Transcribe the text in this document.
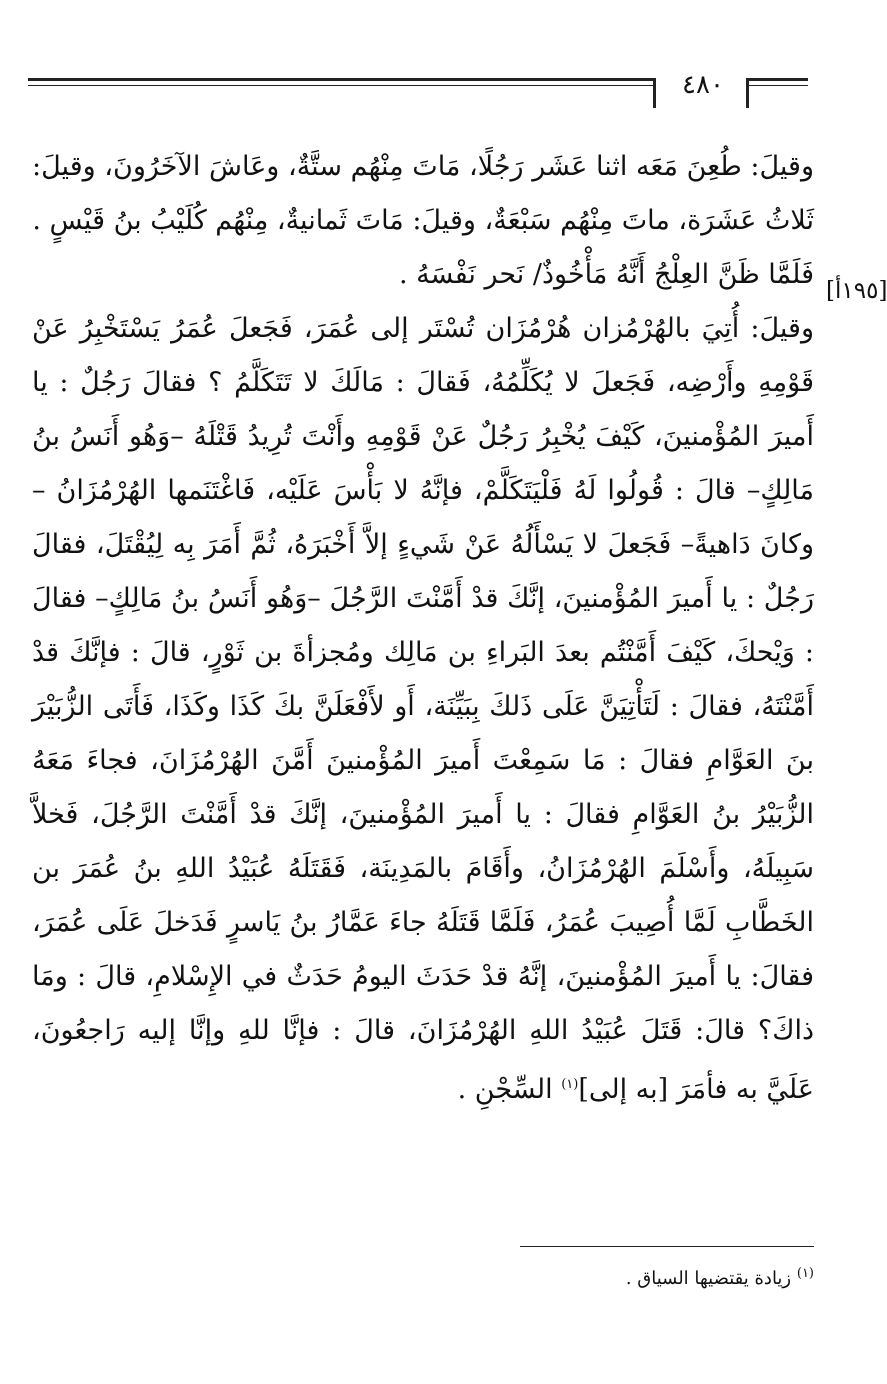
٤٨٠
[١٩٥أ]

وقيلَ: طُعِنَ مَعَه اثنا عَشَر رَجُلًا، مَاتَ مِنْهُم ستَّةٌ، وعَاشَ الآخَرُونَ، وقيلَ: ثَلاثُ عَشَرَة، ماتَ مِنْهُم سَبْعَةٌ، وقيلَ: مَاتَ ثَمانيةٌ، مِنْهُم كُلَيْبُ بنُ قَيْسٍ .

فَلَمَّا ظَنَّ العِلْجُ أَنَّهُ مَأْخُوذٌ/ نَحر نَفْسَهُ .

وقيلَ: أُتِيَ بالهُرْمُزان هُرْمُزَان تُسْتَر إلى عُمَرَ، فَجَعلَ عُمَرُ يَسْتَخْبِرُ عَنْ قَوْمِهِ وأَرْضِه، فَجَعلَ لا يُكَلِّمُهُ، فَقالَ : مَالَكَ لا تَتَكَلَّمُ ؟ فقالَ رَجُلٌ : يا أَميرَ المُؤْمنينَ، كَيْفَ يُخْبِرُ رَجُلٌ عَنْ قَوْمِهِ وأَنْتَ تُرِيدُ قَتْلَهُ –وَهُو أَنَسُ بنُ مَالِكٍ– قالَ : قُولُوا لَهُ فَلْيَتَكَلَّمْ، فإنَّهُ لا بَأْسَ عَلَيْه، فَاغْتَنَمها الهُرْمُزَانُ –وكانَ دَاهيةً– فَجَعلَ لا يَسْأَلُهُ عَنْ شَيءٍ إلاَّ أَخْبَرَهُ، ثُمَّ أَمَرَ بِه لِيُقْتَلَ، فقالَ رَجُلٌ : يا أَميرَ المُؤْمنينَ، إنَّكَ قدْ أَمَّنْتَ الرَّجُلَ –وَهُو أَنَسُ بنُ مَالِكٍ– فقالَ : وَيْحكَ، كَيْفَ أَمَّنْتُم بعدَ البَراءِ بن مَالِك ومُجزأةَ بن ثَوْرٍ، قالَ : فإنَّكَ قدْ أَمَّنْتَهُ، فقالَ : لَتَأْتِيَنَّ عَلَى ذَلكَ بِبَيِّنَة، أَو لأَفْعَلَنَّ بكَ كَذَا وكَذَا، فَأَتَى الزُّبَيْرَ بنَ العَوَّامِ فقالَ : مَا سَمِعْتَ أَميرَ المُؤْمنينَ أَمَّنَ الهُرْمُزَانَ، فجاءَ مَعَهُ الزُّبَيْرُ بنُ العَوَّامِ فقالَ : يا أَميرَ المُؤْمنينَ، إنَّكَ قدْ أَمَّنْتَ الرَّجُلَ، فَخلاَّ سَبِيلَهُ، وأَسْلَمَ الهُرْمُزَانُ، وأَقَامَ بالمَدِينَة، فَقَتَلَهُ عُبَيْدُ اللهِ بنُ عُمَرَ بن الخَطَّابِ لَمَّا أُصِيبَ عُمَرُ، فَلَمَّا قَتَلَهُ جاءَ عَمَّارُ بنُ يَاسرٍ فَدَخلَ عَلَى عُمَرَ، فقالَ: يا أَميرَ المُؤْمنينَ، إنَّهُ قدْ حَدَثَ اليومُ حَدَثٌ في الإِسْلامِ، قالَ : ومَا ذاكَ؟ قالَ: قَتَلَ عُبَيْدُ اللهِ الهُرْمُزَانَ، قالَ : فإنَّا للهِ وإنَّا إليه رَاجعُونَ، عَلَيَّ به فأمَرَ [به إلى]$^{(١)}$ السِّجْنِ .

$^{(١)}$ زيادة يقتضيها السياق .
